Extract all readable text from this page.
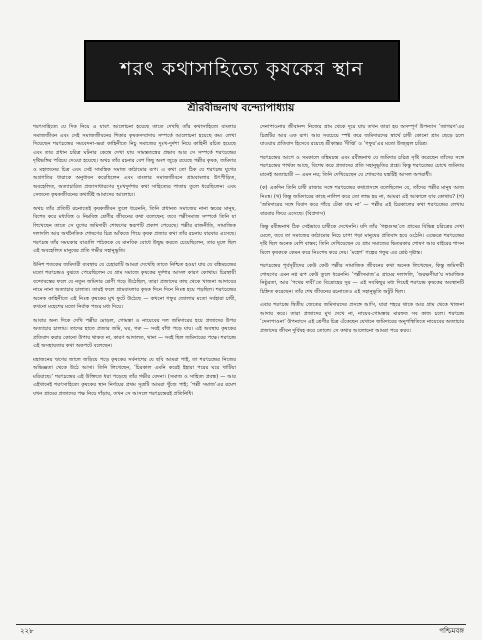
শরৎ কথাসাহিত্যে কৃষকের স্থান
শ্রীরবীন্দ্রনাথ বন্দ্যোপাধ্যায়

শরৎসাহিত্যে যে দিক নিয়ে এ যাবৎ আলোচনা হয়েছে তাতে দেখছি তাঁর কথাসাহিত্যে বাংলার সমাজজীবন এবং সেই সমাজজীবনের শিকার কৃষকসম্প্রদায় সম্পর্কে আলোচনা হয়েছে কম। লেখা দিয়েছেন শরৎচন্দ্রের সমবেদনা–ভরা কাহিনীতে নিচু সমাজের দুঃখ-দুর্দশা নিয়ে কাহিনী রচিত হয়েছে এবং তার প্রধান চরিত্র ঘটনার কেন্দ্রে দেখা যায় সামন্ততন্ত্রের প্রভাব আর সে সম্পর্কে শরৎচন্দ্রের দৃষ্টিভঙ্গির পরিচয় দেওয়া হয়েছে। অথচ তাঁর রচনার বেশ কিছু অংশ জুড়ে রয়েছে পল্লীর কৃষক, জমিদার ও মহাজনের চিত্র এবং সেই সামন্ত্রিক সমাজ কাঠামোর রূপ। এ কথা তো ঠিক যে শরৎচন্দ্র যুগের অগ্রগতির ধারাকে অনুধাবন করেছিলেন এবং বাংলার সমাজজীবনে গ্রামবাংলার উৎপীড়িত, অবহেলিত, অত্যাচারিত প্রজাসাধারণের দুঃখদুর্দশার কথা সাহিত্যের পাতায় তুলে ধরেছিলেন। এবং সেজন্যে কৃষকজীবনের কথাটিই আমাদের আলোচ্য।

অথচ তাঁর প্রতিটি রচনাতেই কৃষকজীবন তুলে ধরেননি, তিনি প্রধানত সমাজের নানা স্তরের মানুষ, বিশেষ করে মধ্যবিত্ত ও নিম্নবিত্ত শ্রেণীর জীবনের কথা বলেছেন; তবে পল্লীসমাজ সম্পর্কে তিনি যা লিখেছেন তাতে সে যুগের জমিদারী শোষণের স্বরূপটি প্রকাশ পেয়েছে। পল্লীর রাজনীতি, সামাজিক দলাদলি আর অর্থনৈতিক শোষণের চিত্র আঁকতে গিয়ে কৃষক প্রজার কথা তাঁর রচনায় বারবার এসেছে। শরৎচন্দ্র তাঁর সময়কার বাঙালি পাঠককে যে মানবিক বোধে উদ্বুদ্ধ করতে চেয়েছিলেন, তার মূলে ছিল এই অবহেলিত মানুষের প্রতি গভীর সহানুভূতি।

উনিশ শতকের জমিদারী ব্যবস্থায় যে চেহারাটি আমরা দেখেছি তাতে নিশ্চিত হওয়া যায় যে বঙ্কিমচন্দ্রের মতো শরৎচন্দ্রও বুঝতে পেরেছিলেন যে গ্রাম সমাজে কৃষকের দুর্দশার আসল কারণ কোথায়। চিরস্থায়ী বন্দোবস্তের ফলে যে নতুন জমিদার শ্রেণী গড়ে উঠেছিল, তারা প্রজাদের কাছ থেকে খাজনা আদায়ের নামে নানা অত্যাচার চালাত। তারই ফলে গ্রামবাংলার কৃষক দিনে দিনে নিঃস্ব হয়ে পড়ছিল। শরৎচন্দ্রের অনেক কাহিনীতে এই নিঃস্ব কৃষকের মুখ ফুটে উঠেছে — কখনো গফুর জোলার মতো সর্বহারা চাষী, কখনো মহেশের মতো নির্বাক পশুর মধ্য দিয়ে।

আবার অন্য দিকে দেখি পল্লীর মোড়ল, গোমস্তা ও নায়েবের দল জমিদারের হয়ে প্রজাদের উপর অত্যাচার চালায়। তাদের হাতে প্রজার জমি, ঘর, গরু — সবই বাঁধা পড়ে যায়। এই অবস্থায় কৃষকের প্রতিবাদ করার কোনো উপায় থাকত না, কারণ আদালত, থানা — সবই ছিল জমিদারের পক্ষে। শরৎচন্দ্র এই অসহায়তার কথা অকপটে বলেছেন।

মহাজনের ঋণের জালে জড়িয়ে পড়ে কৃষকের সর্বনাশের যে ছবি আমরা পাই, তা শরৎচন্দ্রের নিজের অভিজ্ঞতা থেকে উঠে আসা। তিনি লিখেছেন, ‘চিরকাল এমনি করেই ইহারা পরের ঘরে খাটিয়া মরিয়াছে।’ শরৎচন্দ্রের এই উক্তিতে ধরা পড়েছে তাঁর গভীর বেদনা। (সমাজ ও সাহিত্য প্রবন্ধ) — আর এইখানেই শরৎসাহিত্যে কৃষকের স্থান নির্ণয়ের প্রথম সূত্রটি আমরা খুঁজে পাই; ‘পল্লী সমাজ’এর রমেশ যখন গ্রামের প্রজাদের পক্ষ নিয়ে দাঁড়ায়, তখন সে আসলে শরৎচন্দ্রেরই প্রতিনিধি।

দেনাপাওনার জীবানন্দ নিজের গ্রাম থেকে দূরে যায় তখন তারা হয় অসম্পূর্ণ উপন্যাস ‘জাগরণ’এর চিত্রটির আর এক রূপ। আর সবচেয়ে স্পষ্ট করে জমিদারদের স্বার্থে চাষী কোনো গ্রাম ছেড়ে চলে যাওয়ার প্রতিবাদ হিসেবে রয়েছে শ্রীকান্তর ‘দীপ্তি’ ও ‘গফুর’এর মতো উজ্জ্বল চরিত্র।

শরৎচন্দ্রের আগে ও সমকালে বঙ্কিমচন্দ্র এবং রবীন্দ্রনাথ যে জমিদার চরিত্র সৃষ্টি করেছেন তাঁদের সঙ্গে শরৎচন্দ্রের পার্থক্য আছে, বিশেষ করে প্রজাদের প্রতি সহানুভূতির প্রশ্নে। কিন্তু শরৎচন্দ্রের চোখে জমিদার মানেই অত্যাচারী — এমন নয়; তিনি দেখিয়েছেন যে শোষণের যন্ত্রটিই আসল অপরাধী।

(ক) একদিন তিনি চাষী রাজার সঙ্গে শরৎচন্দ্রের কথাপ্রসঙ্গে বলেছিলেন যে, তাঁদের পল্লীর মানুষ আজ নিঃস্ব। (খ) কিন্তু জমিদারের কাছে নালিশ করে তো লাভ হয় না, আমরা এই আকালে যাব কোথায়? (গ) ‘জমিদারের সঙ্গে বিবাদ করে গাঁয়ে টেকা যায় না’ — পল্লীর এই চিরকালের কথা শরৎচন্দ্রের লেখায় বারবার ফিরে এসেছে। (বিপ্রদাস)

কিন্তু রবীন্দ্রনাথ ঠিক সেইভাবে চাষীকে দেখেননি। যদি তাঁর ‘গল্পগুচ্ছ’তে গ্রামের বিভিন্ন চরিত্রের দেখা মেলে, তবে তা সমাজের কাঠামোর নিচে চাপা পড়া মানুষের প্রতিবাদ হয়ে ওঠেনি। এক্ষেত্রে শরৎচন্দ্রের দৃষ্টি ছিল অনেক বেশি বাস্তব; তিনি দেখিয়েছেন যে গ্রাম সমাজের ভিতরকার শোষণ আর বাইরের শাসন মিলে কৃষককে কেমন করে নিঃশেষ করে দেয়। ‘মহেশ’ গল্পের গফুর এর শ্রেষ্ঠ দৃষ্টান্ত।

শরৎচন্দ্রের পূর্বসূরীদের কেউ কেউ পল্লীর সামাজিক জীবনের কথা অনেক লিখেছেন, কিন্তু জমিদারী শোষণের এমন নগ্ন রূপ কেউ তুলে ধরেননি। ‘পল্লীসমাজ’এ গ্রামের দলাদলি, ‘অরক্ষণীয়া’য় সামাজিক নিষ্ঠুরতা, আর ‘পথের দাবী’তে বিদ্রোহের সুর — এই সবকিছুর মধ্য দিয়েই শরৎচন্দ্র কৃষকের অবস্থানটি চিহ্নিত করেছেন। তাঁর শেষ জীবনের রচনাতেও এই সহানুভূতি অটুট ছিল।

এবার শরৎচন্দ্র দ্বিতীয় জেতের জমিদারদের প্রসঙ্গে আসি, যারা শহরে থাকে আর গ্রাম থেকে খাজনা আদায় করে। তারা প্রজাদের মুখ দেখে না, নায়েব-গোমস্তার মারফত সব কাজ চলে। শরৎচন্দ্র ‘দেনাপাওনা’ উপন্যাসে এই শ্রেণীর চিত্র এঁকেছেন যেখানে জমিদারের অনুপস্থিতিতে নায়েবের অত্যাচার প্রজাদের জীবন দুর্বিষহ করে তোলে। সে কথার আলোচনা আমরা পরে করব।

২২৮	পশ্চিমবঙ্গ
